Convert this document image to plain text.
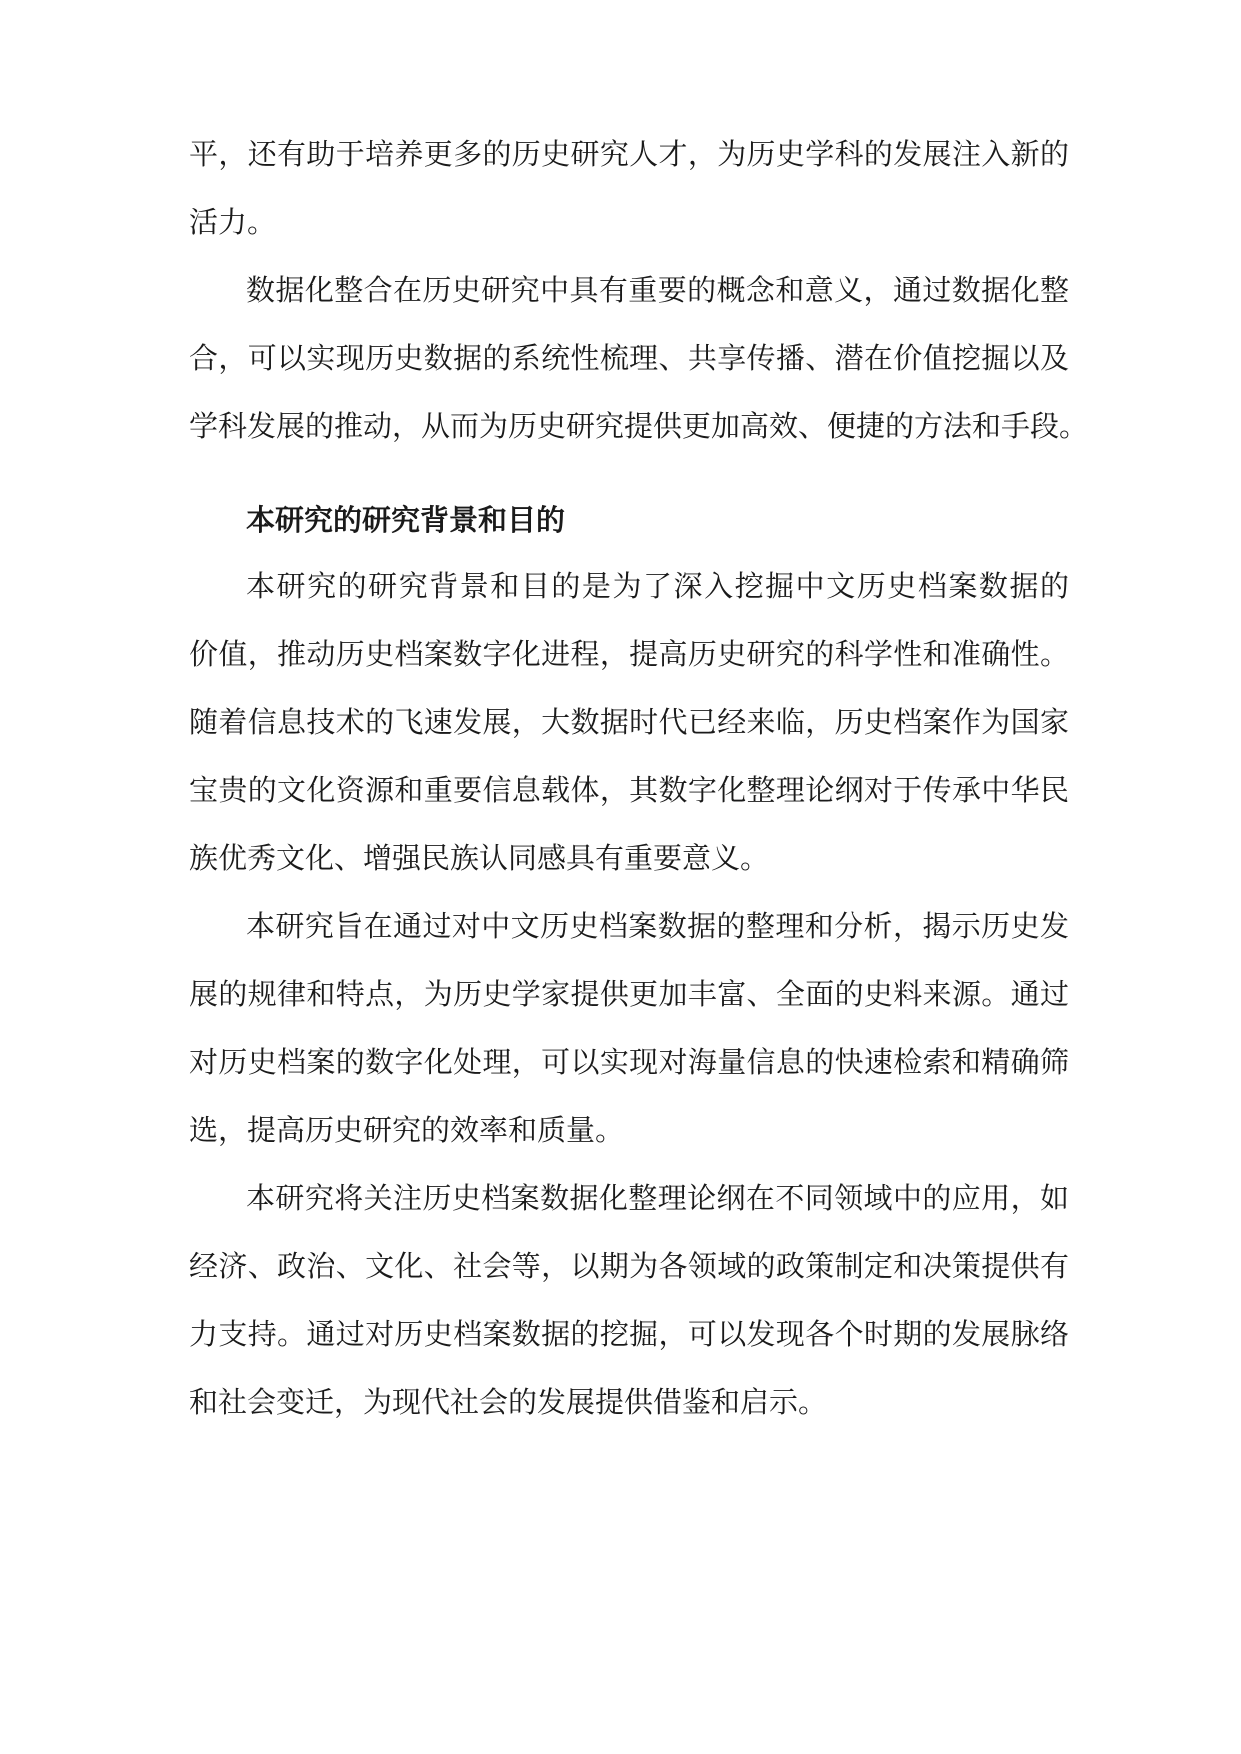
平，还有助于培养更多的历史研究人才，为历史学科的发展注入新的
活力。
数据化整合在历史研究中具有重要的概念和意义，通过数据化整
合，可以实现历史数据的系统性梳理、共享传播、潜在价值挖掘以及
学科发展的推动，从而为历史研究提供更加高效、便捷的方法和手段。
本研究的研究背景和目的
本研究的研究背景和目的是为了深入挖掘中文历史档案数据的
价值，推动历史档案数字化进程，提高历史研究的科学性和准确性。
随着信息技术的飞速发展，大数据时代已经来临，历史档案作为国家
宝贵的文化资源和重要信息载体，其数字化整理论纲对于传承中华民
族优秀文化、增强民族认同感具有重要意义。
本研究旨在通过对中文历史档案数据的整理和分析，揭示历史发
展的规律和特点，为历史学家提供更加丰富、全面的史料来源。通过
对历史档案的数字化处理，可以实现对海量信息的快速检索和精确筛
选，提高历史研究的效率和质量。
本研究将关注历史档案数据化整理论纲在不同领域中的应用，如
经济、政治、文化、社会等，以期为各领域的政策制定和决策提供有
力支持。通过对历史档案数据的挖掘，可以发现各个时期的发展脉络
和社会变迁，为现代社会的发展提供借鉴和启示。
